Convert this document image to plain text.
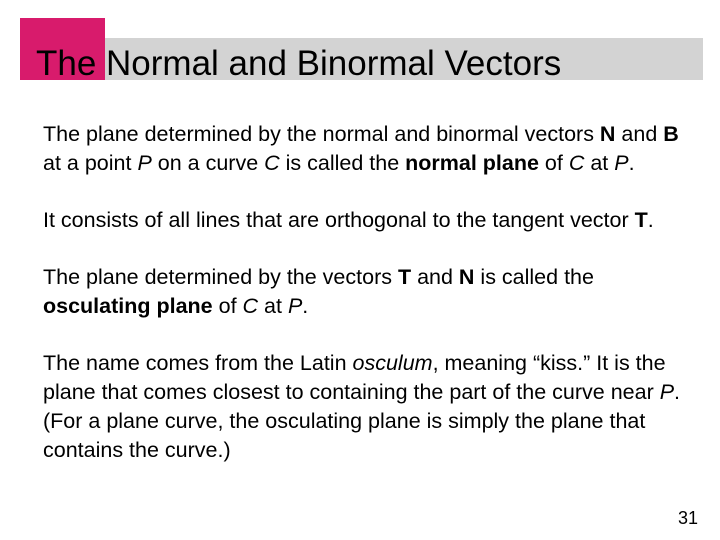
The Normal and Binormal Vectors

The plane determined by the normal and binormal vectors N and B at a point P on a curve C is called the normal plane of C at P.

It consists of all lines that are orthogonal to the tangent vector T.

The plane determined by the vectors T and N is called the osculating plane of C at P.

The name comes from the Latin osculum, meaning “kiss.” It is the plane that comes closest to containing the part of the curve near P. (For a plane curve, the osculating plane is simply the plane that contains the curve.)

31
